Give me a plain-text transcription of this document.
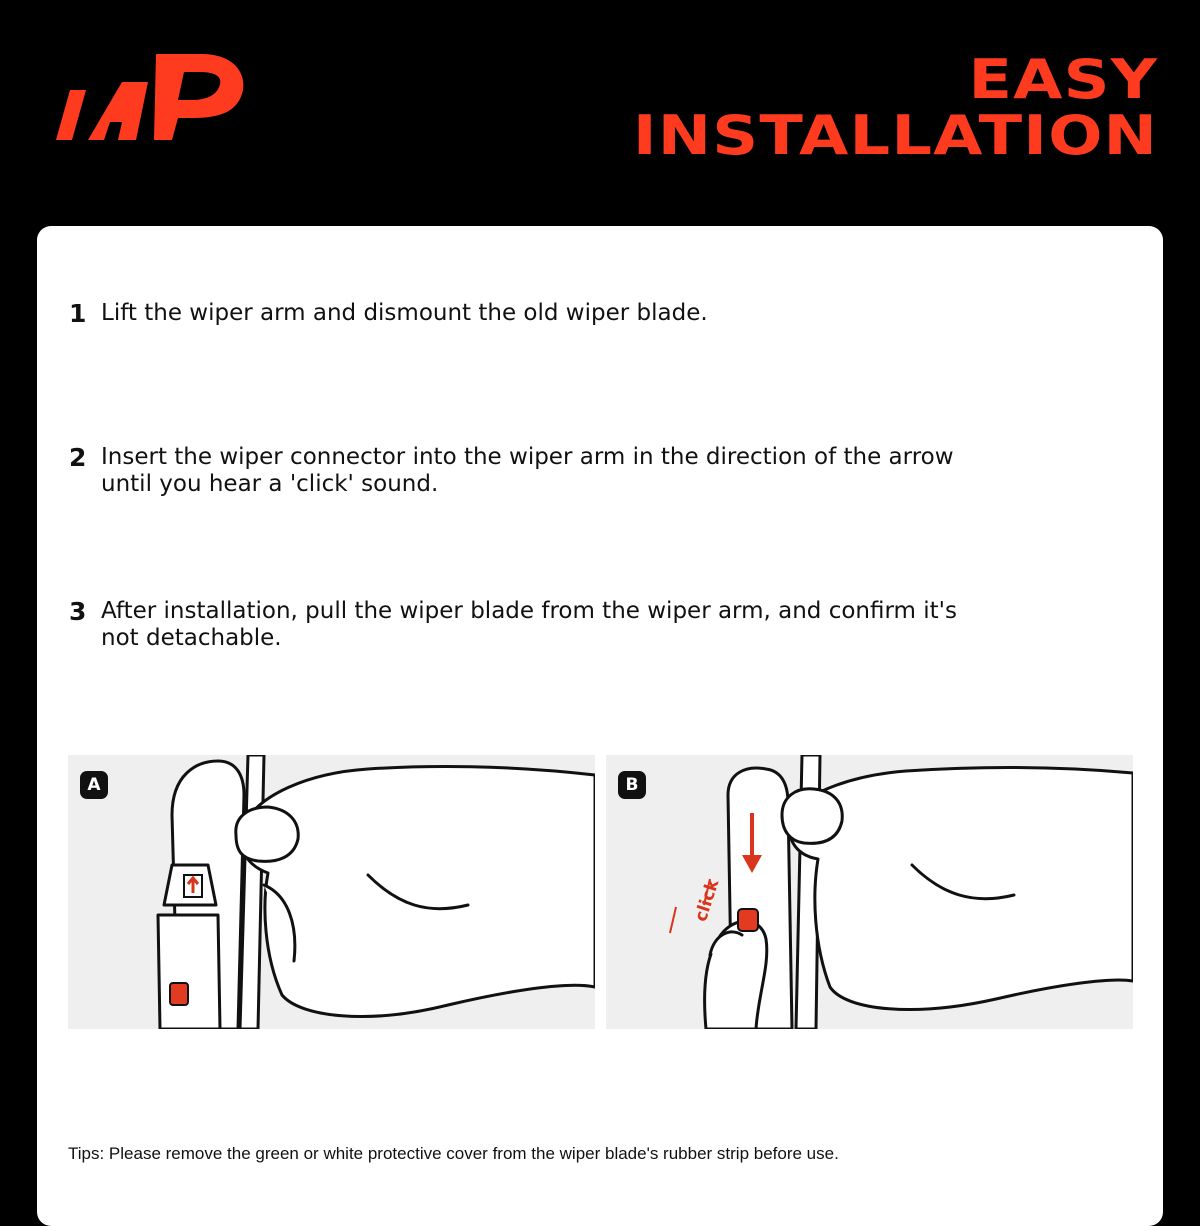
EASY
INSTALLATION
1 Lift the wiper arm and dismount the old wiper blade.
2 Insert the wiper connector into the wiper arm in the direction of the arrow until you hear a 'click' sound.
3 After installation, pull the wiper blade from the wiper arm, and confirm it's not detachable.
A
click
B
Tips: Please remove the green or white protective cover from the wiper blade's rubber strip before use.
